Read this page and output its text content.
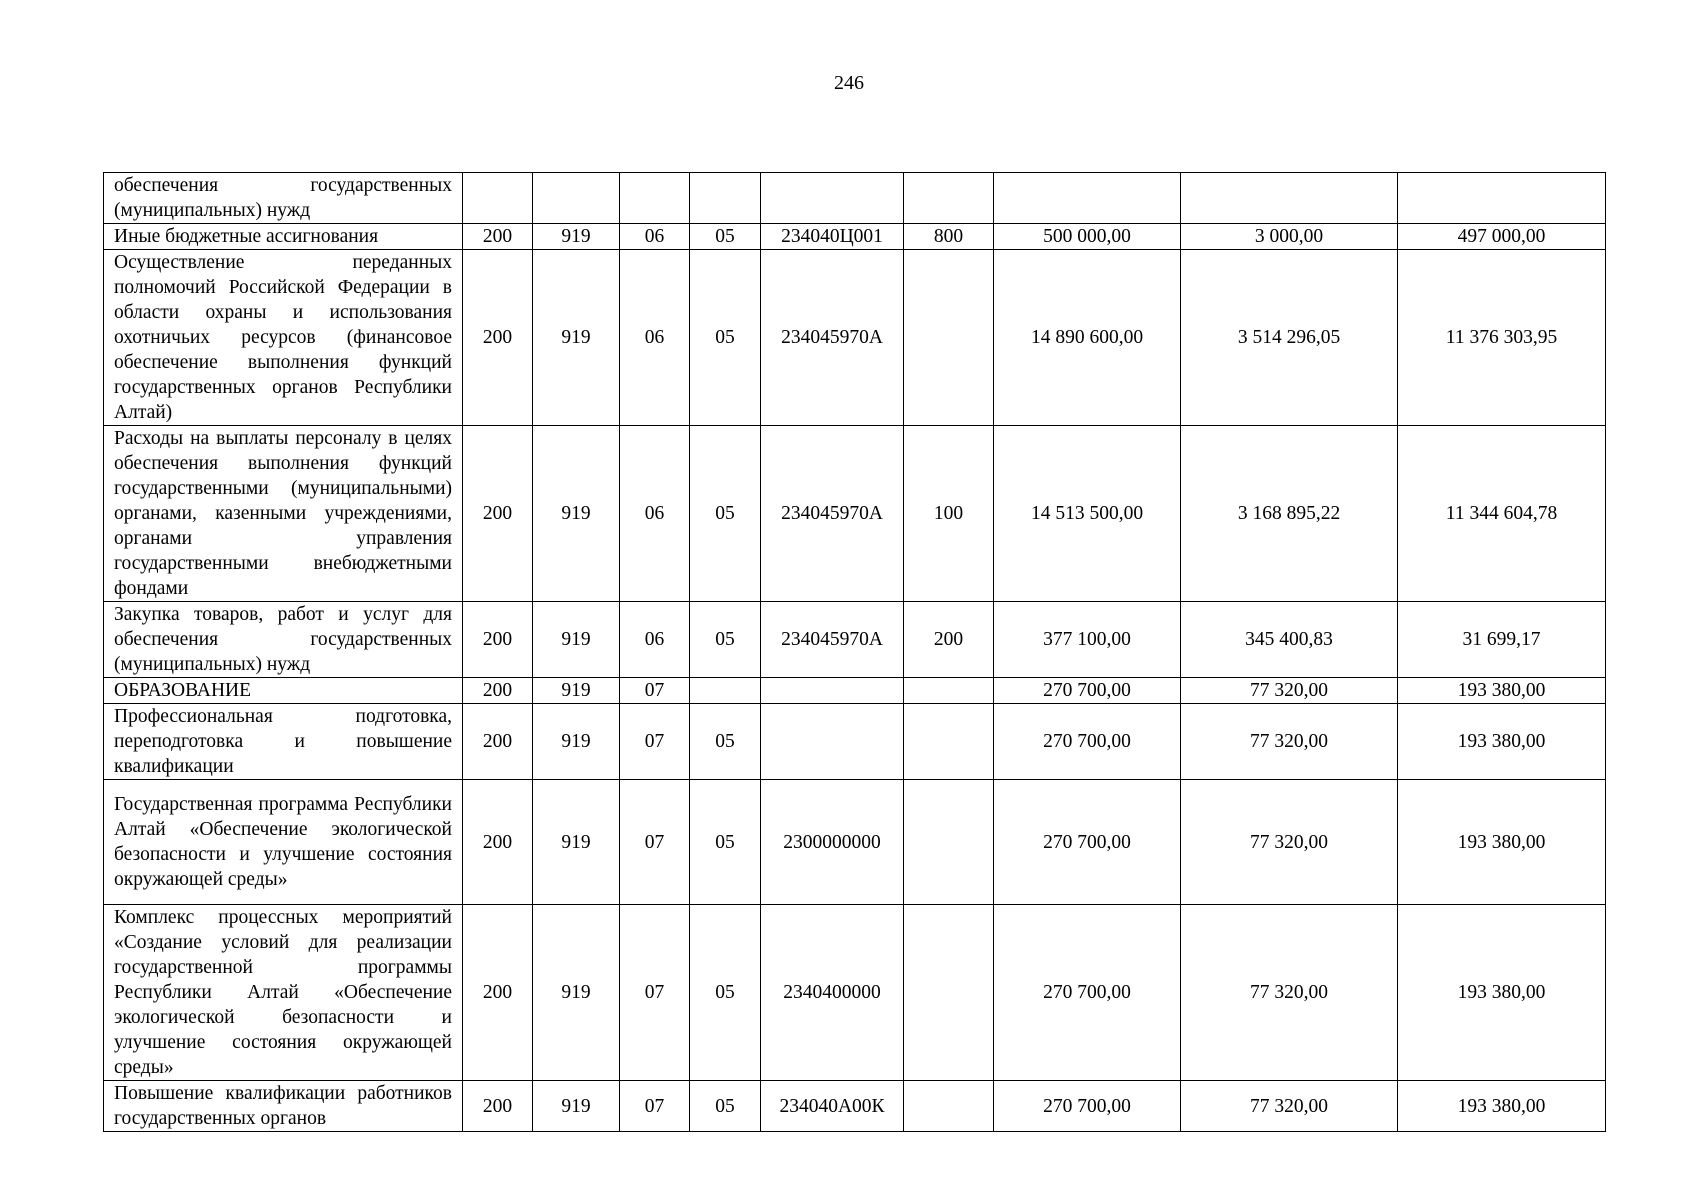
246
обеспечения государственных (муниципальных) нужд									
Иные бюджетные ассигнования	200	919	06	05	234040Ц001	800	500 000,00	3 000,00	497 000,00
Осуществление переданных полномочий Российской Федерации в области охраны и использования охотничьих ресурсов (финансовое обеспечение выполнения функций государственных органов Республики Алтай)	200	919	06	05	234045970А		14 890 600,00	3 514 296,05	11 376 303,95
Расходы на выплаты персоналу в целях обеспечения выполнения функций государственными (муниципальными) органами, казенными учреждениями, органами управления государственными внебюджетными фондами	200	919	06	05	234045970А	100	14 513 500,00	3 168 895,22	11 344 604,78
Закупка товаров, работ и услуг для обеспечения государственных (муниципальных) нужд	200	919	06	05	234045970А	200	377 100,00	345 400,83	31 699,17
ОБРАЗОВАНИЕ	200	919	07				270 700,00	77 320,00	193 380,00
Профессиональная подготовка, переподготовка и повышение квалификации	200	919	07	05			270 700,00	77 320,00	193 380,00
Государственная программа Республики Алтай «Обеспечение экологической безопасности и улучшение состояния окружающей среды»	200	919	07	05	2300000000		270 700,00	77 320,00	193 380,00
Комплекс процессных мероприятий «Создание условий для реализации государственной программы Республики Алтай «Обеспечение экологической безопасности и улучшение состояния окружающей среды»	200	919	07	05	2340400000		270 700,00	77 320,00	193 380,00
Повышение квалификации работников государственных органов	200	919	07	05	234040А00К		270 700,00	77 320,00	193 380,00
